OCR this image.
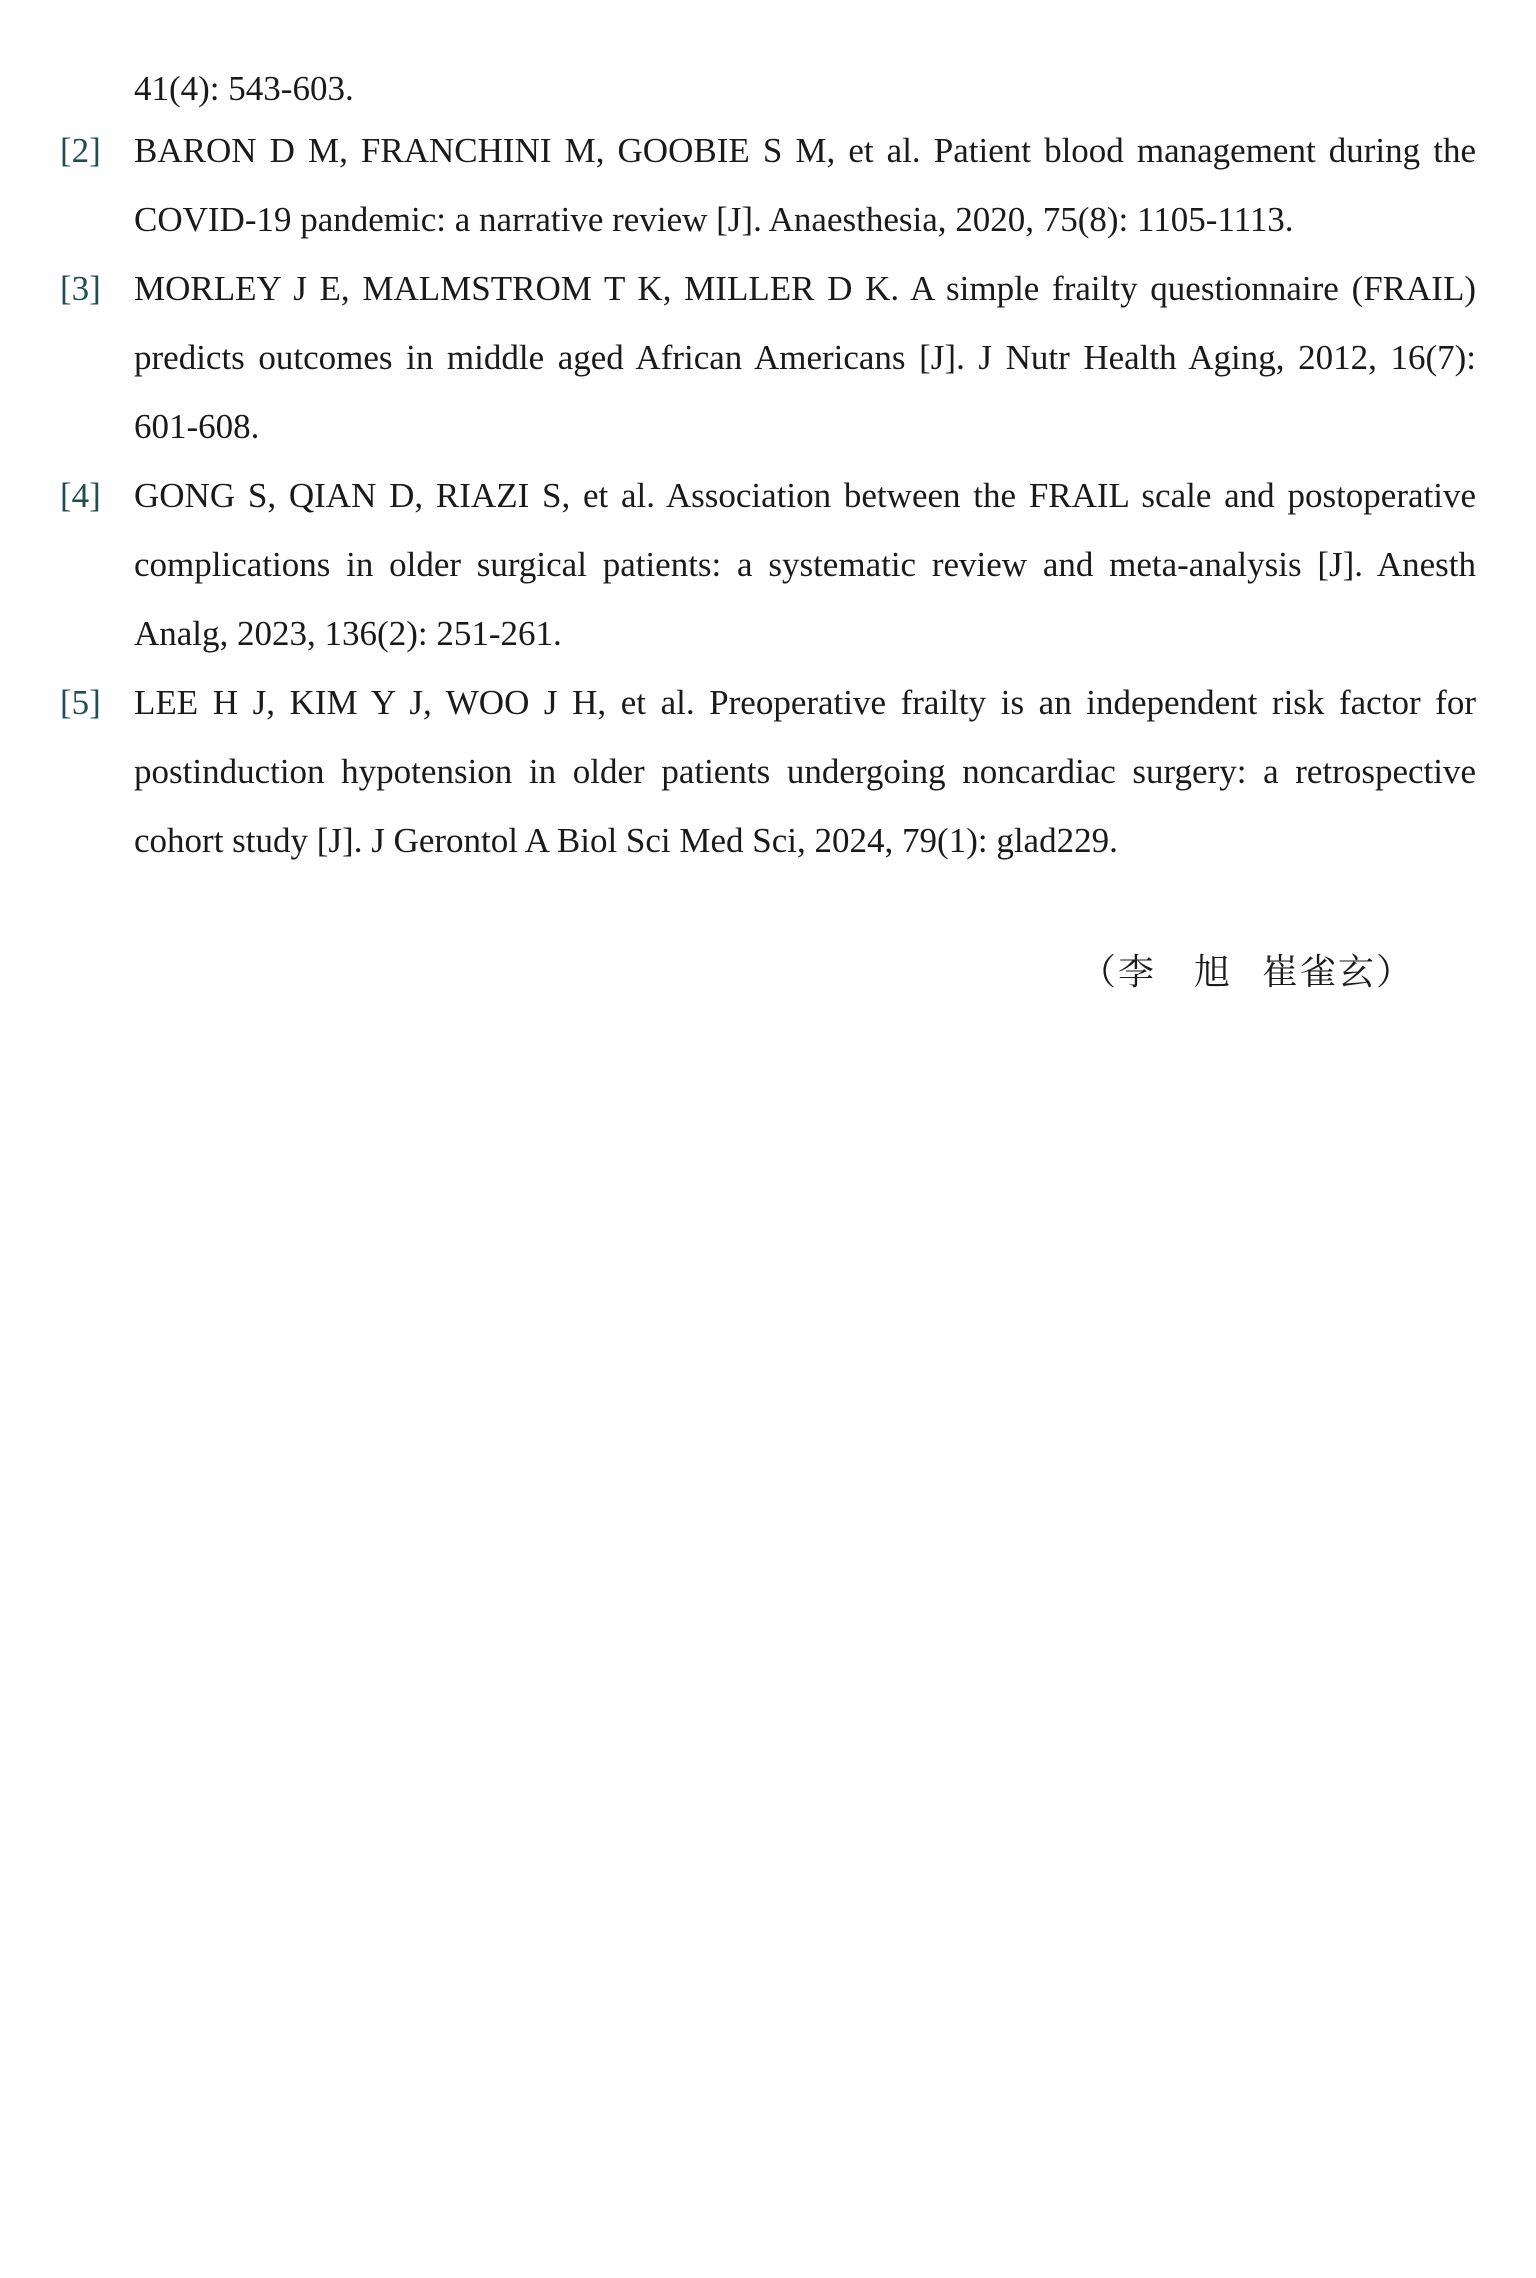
41(4): 543-603.
[2] BARON D M, FRANCHINI M, GOOBIE S M, et al. Patient blood management during the COVID-19 pandemic: a narrative review [J]. Anaesthesia, 2020, 75(8): 1105-1113.
[3] MORLEY J E, MALMSTROM T K, MILLER D K. A simple frailty questionnaire (FRAIL) predicts outcomes in middle aged African Americans [J]. J Nutr Health Aging, 2012, 16(7): 601-608.
[4] GONG S, QIAN D, RIAZI S, et al. Association between the FRAIL scale and postoperative complications in older surgical patients: a systematic review and meta-analysis [J]. Anesth Analg, 2023, 136(2): 251-261.
[5] LEE H J, KIM Y J, WOO J H, et al. Preoperative frailty is an independent risk factor for postinduction hypotension in older patients undergoing noncardiac surgery: a retrospective cohort study [J]. J Gerontol A Biol Sci Med Sci, 2024, 79(1): glad229.
（李　旭 崔雀玄）
